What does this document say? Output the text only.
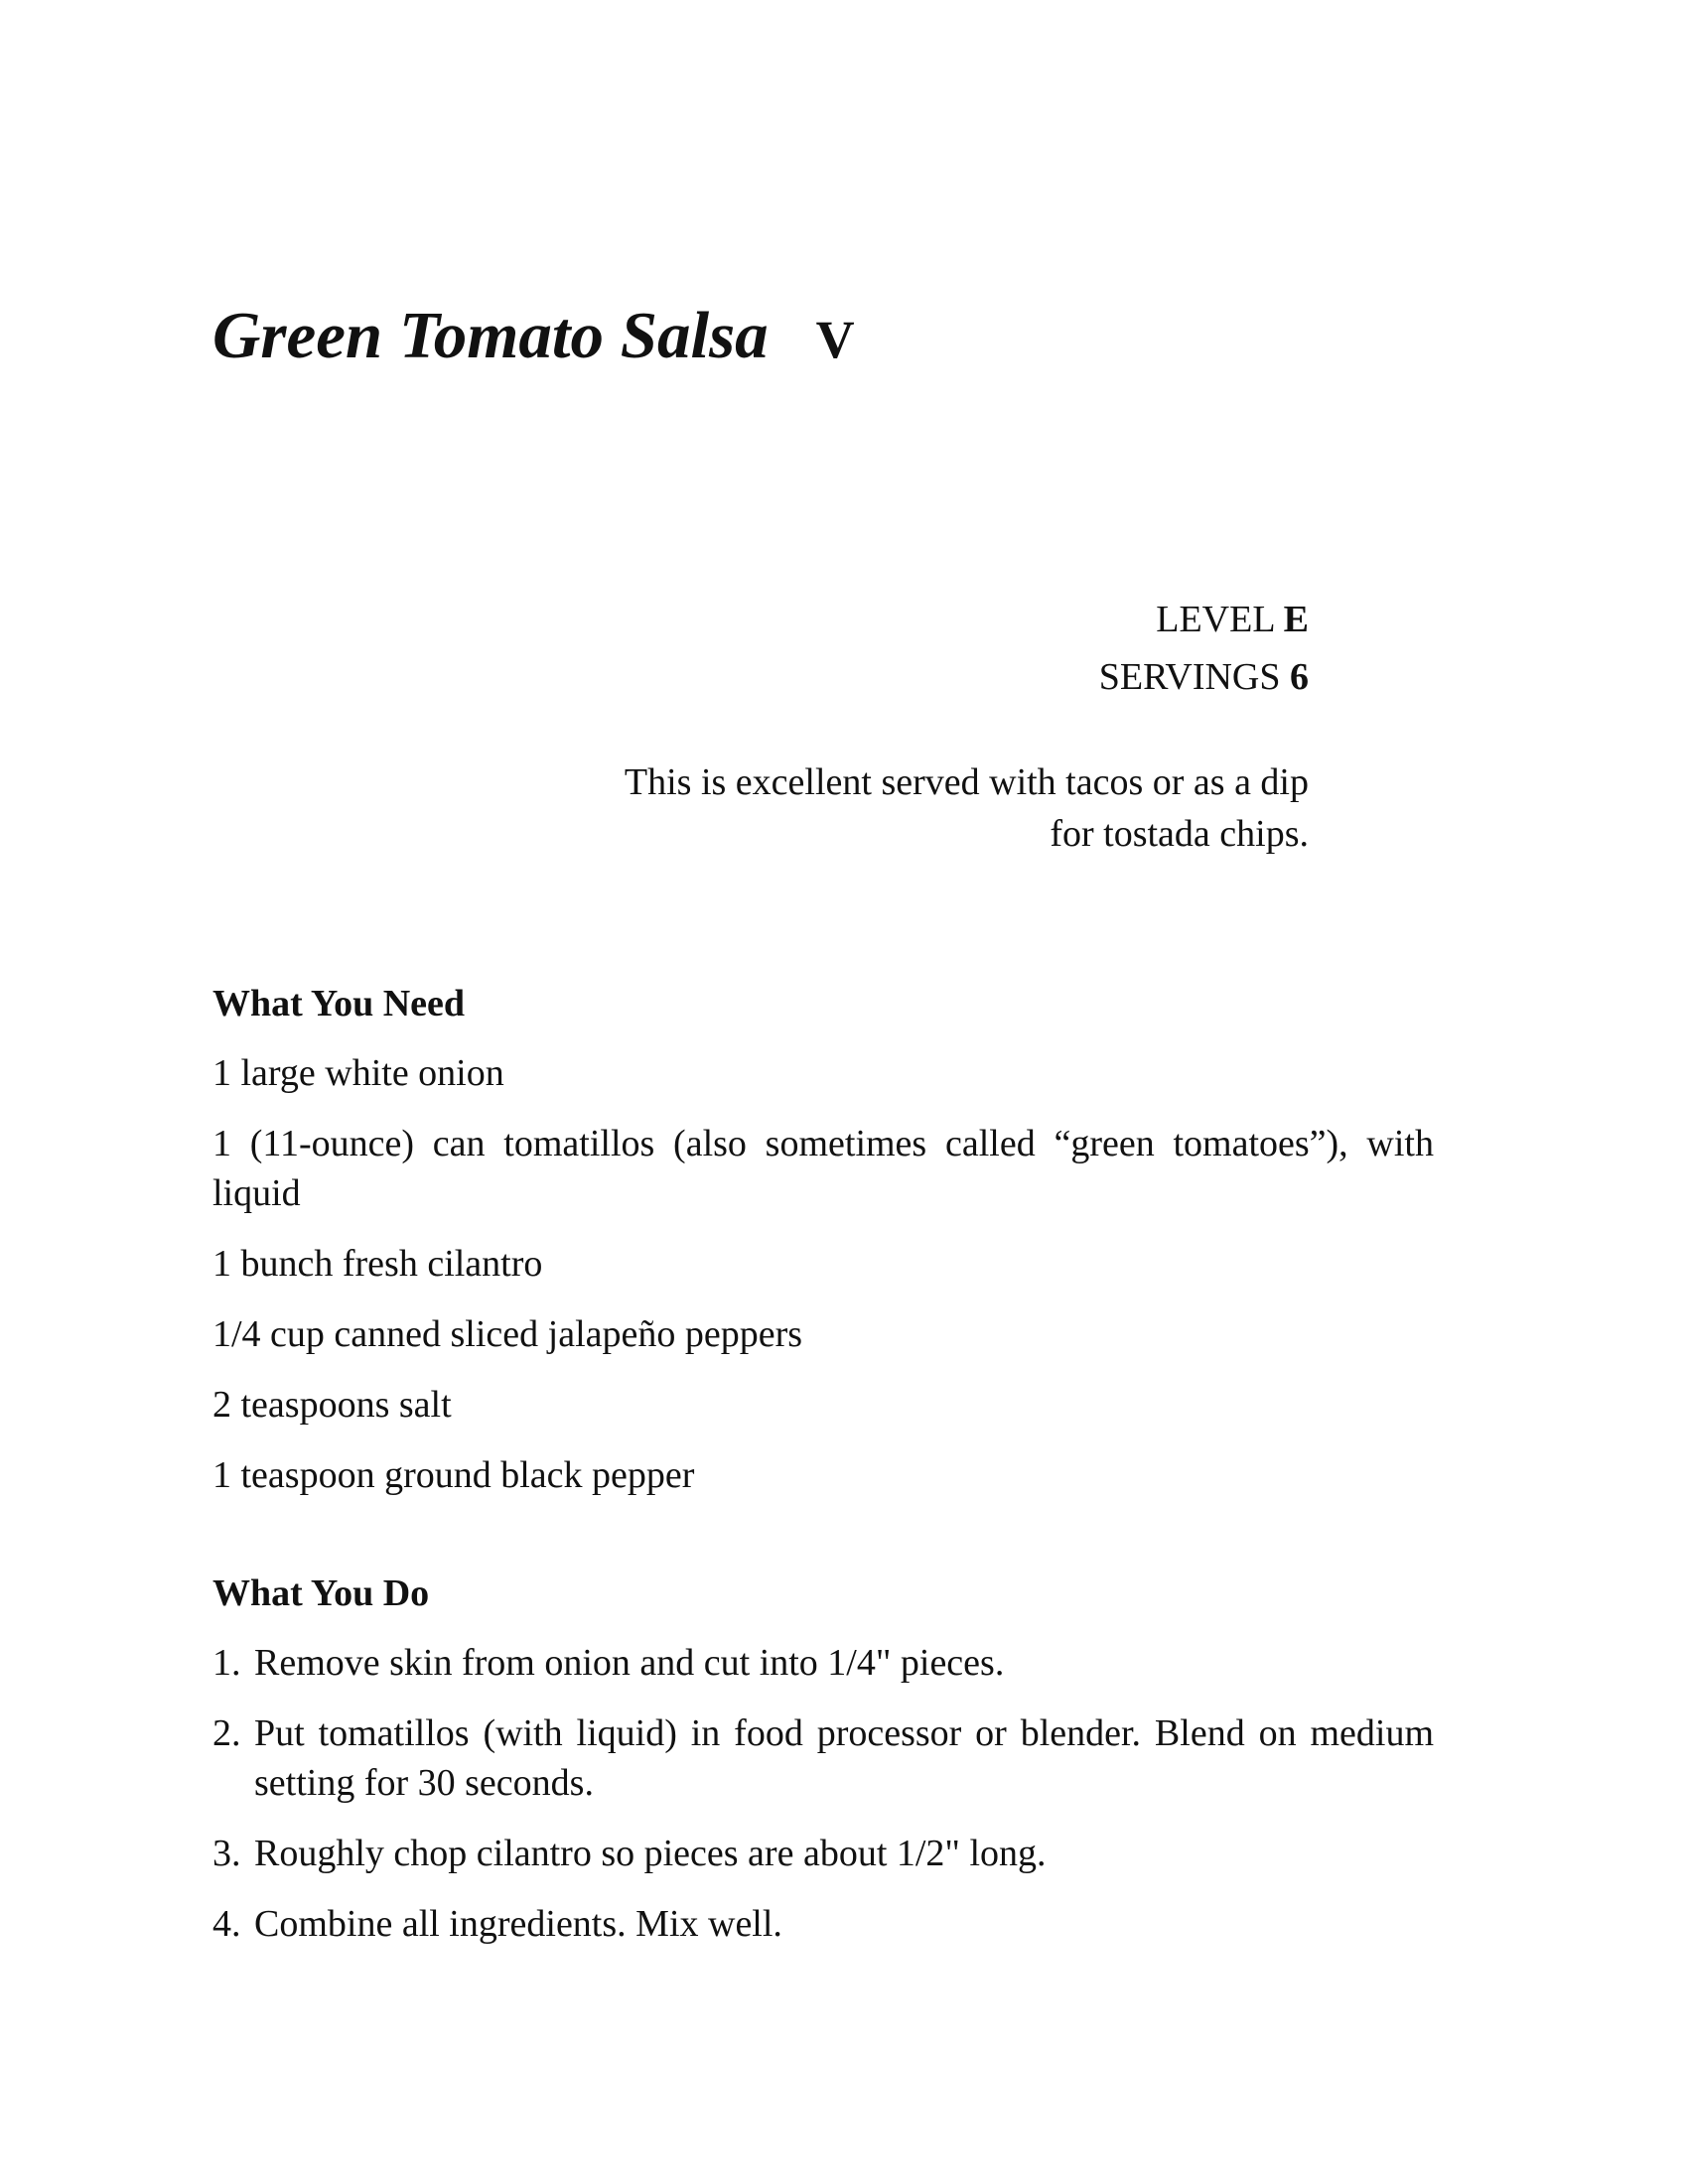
Green Tomato Salsa V
LEVEL E
SERVINGS 6
This is excellent served with tacos or as a dip for tostada chips.
What You Need
1 large white onion
1 (11-ounce) can tomatillos (also sometimes called “green tomatoes”), with liquid
1 bunch fresh cilantro
1/4 cup canned sliced jalapeño peppers
2 teaspoons salt
1 teaspoon ground black pepper
What You Do
1. Remove skin from onion and cut into 1/4" pieces.
2. Put tomatillos (with liquid) in food processor or blender. Blend on medium setting for 30 seconds.
3. Roughly chop cilantro so pieces are about 1/2" long.
4. Combine all ingredients. Mix well.
